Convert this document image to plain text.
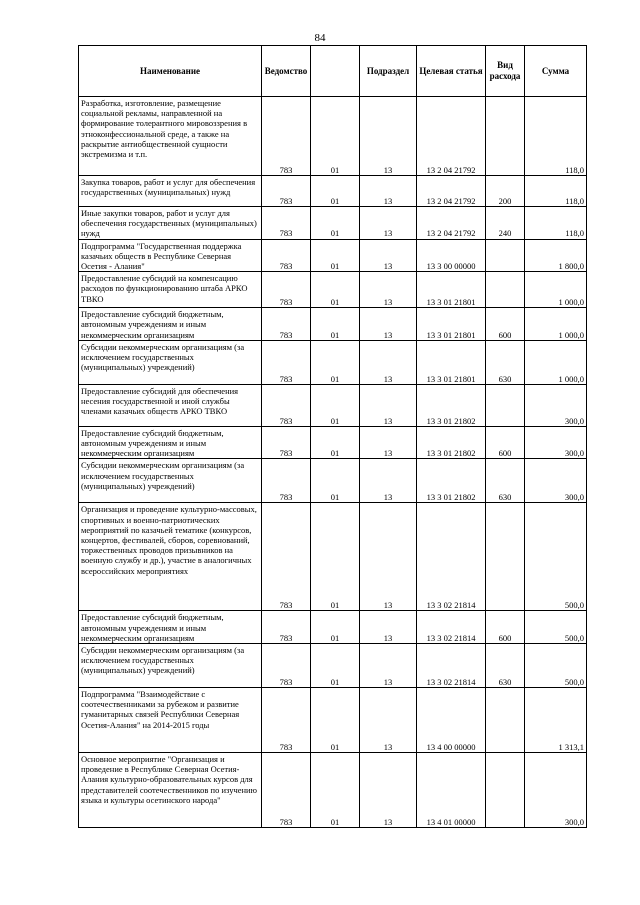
84
Наименование	Ведомство		Подраздел	Целевая статья	Вид расхода	Сумма
Разработка, изготовление, размещение социальной рекламы, направленной на формирование толерантного мировоззрения в этноконфессиональной среде, а также на раскрытие антиобщественной сущности экстремизма и т.п.	783	01	13	13 2 04 21792		118,0
Закупка товаров, работ и услуг для обеспечения государственных (муниципальных) нужд	783	01	13	13 2 04 21792	200	118,0
Иные закупки товаров, работ и услуг для обеспечения государственных (муниципальных) нужд	783	01	13	13 2 04 21792	240	118,0
Подпрограмма "Государственная поддержка казачьих обществ в Республике Северная Осетия - Алания"	783	01	13	13 3 00 00000		1 800,0
Предоставление субсидий на компенсацию расходов по функционированию штаба АРКО ТВКО	783	01	13	13 3 01 21801		1 000,0
Предоставление субсидий бюджетным, автономным учреждениям и иным некоммерческим организациям	783	01	13	13 3 01 21801	600	1 000,0
Субсидии некоммерческим организациям (за исключением государственных (муниципальных) учреждений)	783	01	13	13 3 01 21801	630	1 000,0
Предоставление субсидий для обеспечения несения государственной и иной службы членами казачьих обществ АРКО ТВКО	783	01	13	13 3 01 21802		300,0
Предоставление субсидий бюджетным, автономным учреждениям и иным некоммерческим организациям	783	01	13	13 3 01 21802	600	300,0
Субсидии некоммерческим организациям (за исключением государственных (муниципальных) учреждений)	783	01	13	13 3 01 21802	630	300,0
Организация и проведение культурно-массовых, спортивных и военно-патриотических мероприятий по казачьей тематике (конкурсов, концертов, фестивалей, сборов, соревнований, торжественных проводов призывников на военную службу и др.), участие в аналогичных всероссийских мероприятиях	783	01	13	13 3 02 21814		500,0
Предоставление субсидий бюджетным, автономным учреждениям и иным некоммерческим организациям	783	01	13	13 3 02 21814	600	500,0
Субсидии некоммерческим организациям (за исключением государственных (муниципальных) учреждений)	783	01	13	13 3 02 21814	630	500,0
Подпрограмма "Взаимодействие с соотечественниками за рубежом и развитие гуманитарных связей Республики Северная Осетия-Алания" на 2014-2015 годы	783	01	13	13 4 00 00000		1 313,1
Основное мероприятие "Организация и проведение в Республике Северная Осетия-Алания культурно-образовательных курсов для представителей соотечественников по изучению языка и культуры осетинского народа"	783	01	13	13 4 01 00000		300,0
